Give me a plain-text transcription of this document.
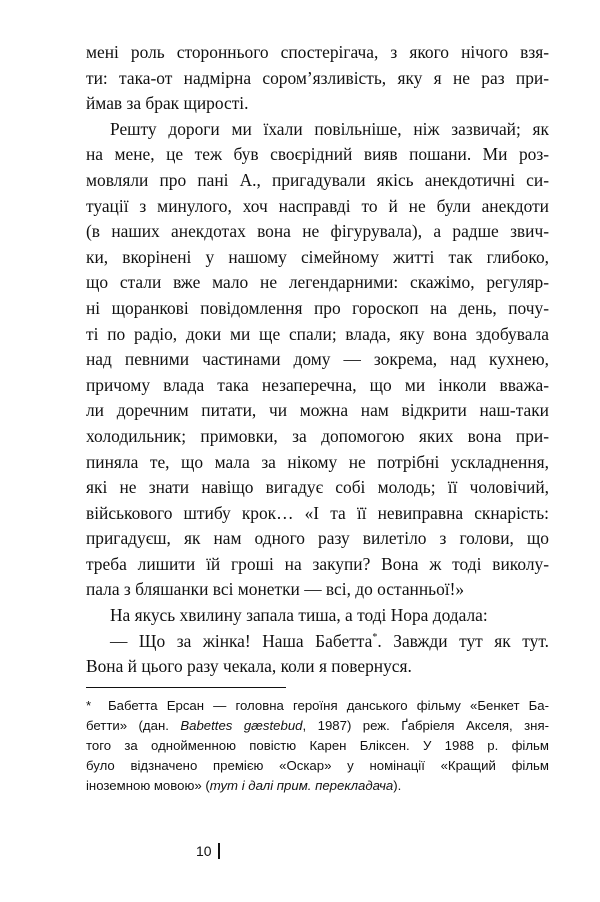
мені роль стороннього спостерігача, з якого нічого взя-
ти: така-от надмірна сором’язливість, яку я не раз при-
ймав за брак щирості.
Решту дороги ми їхали повільніше, ніж зазвичай; як
на мене, це теж був своєрідний вияв пошани. Ми роз-
мовляли про пані А., пригадували якісь анекдотичні си-
туації з минулого, хоч насправді то й не були анекдоти
(в наших анекдотах вона не фігурувала), а радше звич-
ки, вкорінені у нашому сімейному житті так глибоко,
що стали вже мало не легендарними: скажімо, регуляр-
ні щоранкові повідомлення про гороскоп на день, почу-
ті по радіо, доки ми ще спали; влада, яку вона здобувала
над певними частинами дому — зокрема, над кухнею,
причому влада така незаперечна, що ми інколи вважа-
ли доречним питати, чи можна нам відкрити наш-таки
холодильник; примовки, за допомогою яких вона при-
пиняла те, що мала за нікому не потрібні ускладнення,
які не знати навіщо вигадує собі молодь; її чоловічий,
військового штибу крок… «І та її невиправна скнарість:
пригадуєш, як нам одного разу вилетіло з голови, що
треба лишити їй гроші на закупи? Вона ж тоді виколу-
пала з бляшанки всі монетки — всі, до останньої!»
На якусь хвилину запала тиша, а тоді Нора додала:
— Що за жінка! Наша Бабетта*. Завжди тут як тут.
Вона й цього разу чекала, коли я повернуся.
* Бабетта Ерсан — головна героїня данського фільму «Бенкет Ба-
бетти» (дан. Babettes gæstebud, 1987) реж. Ґабріеля Акселя, зня-
того за однойменною повістю Карен Бліксен. У 1988 р. фільм
було відзначено премією «Оскар» у номінації «Кращий фільм
іноземною мовою» (тут і далі прим. перекладача).
10
